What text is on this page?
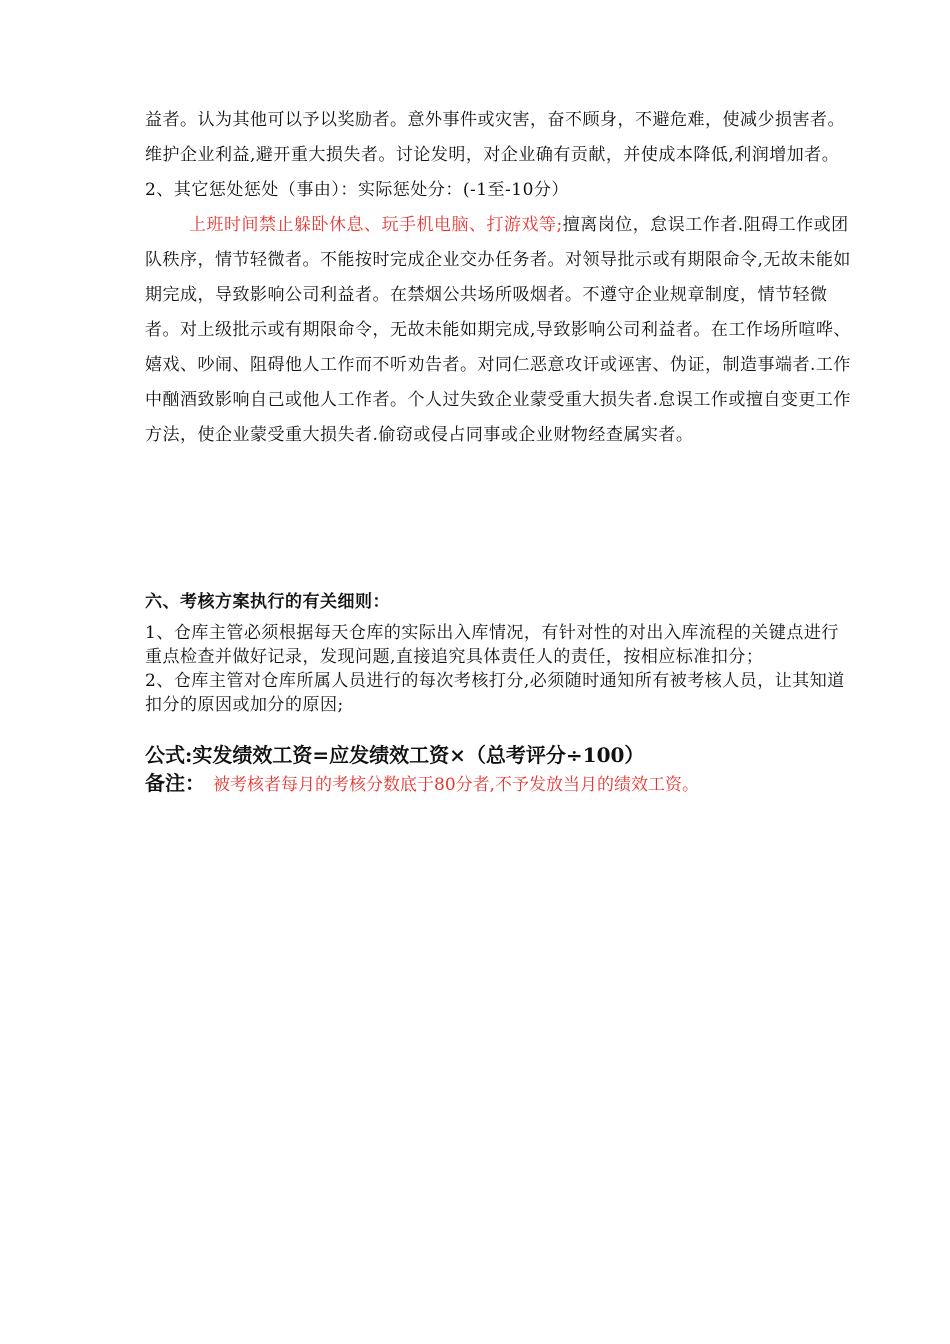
益者。认为其他可以予以奖励者。意外事件或灾害，奋不顾身，不避危难，使减少损害者。维护企业利益,避开重大损失者。讨论发明，对企业确有贡献，并使成本降低,利润增加者。

2、其它惩处惩处（事由）：实际惩处分：(-1至-10分）

上班时间禁止躲卧休息、玩手机电脑、打游戏等;擅离岗位，怠误工作者.阻碍工作或团队秩序，情节轻微者。不能按时完成企业交办任务者。对领导批示或有期限命令,无故未能如期完成，导致影响公司利益者。在禁烟公共场所吸烟者。不遵守企业规章制度，情节轻微者。对上级批示或有期限命令，无故未能如期完成,导致影响公司利益者。在工作场所喧哗、嬉戏、吵闹、阻碍他人工作而不听劝告者。对同仁恶意攻讦或诬害、伪证，制造事端者.工作中酗酒致影响自己或他人工作者。个人过失致企业蒙受重大损失者.怠误工作或擅自变更工作方法，使企业蒙受重大损失者.偷窃或侵占同事或企业财物经查属实者。

六、考核方案执行的有关细则：

1、仓库主管必须根据每天仓库的实际出入库情况，有针对性的对出入库流程的关键点进行重点检查并做好记录，发现问题,直接追究具体责任人的责任，按相应标准扣分；

2、仓库主管对仓库所属人员进行的每次考核打分,必须随时通知所有被考核人员，让其知道扣分的原因或加分的原因;

公式:实发绩效工资=应发绩效工资×（总考评分÷100）
备注： 被考核者每月的考核分数底于80分者,不予发放当月的绩效工资。
